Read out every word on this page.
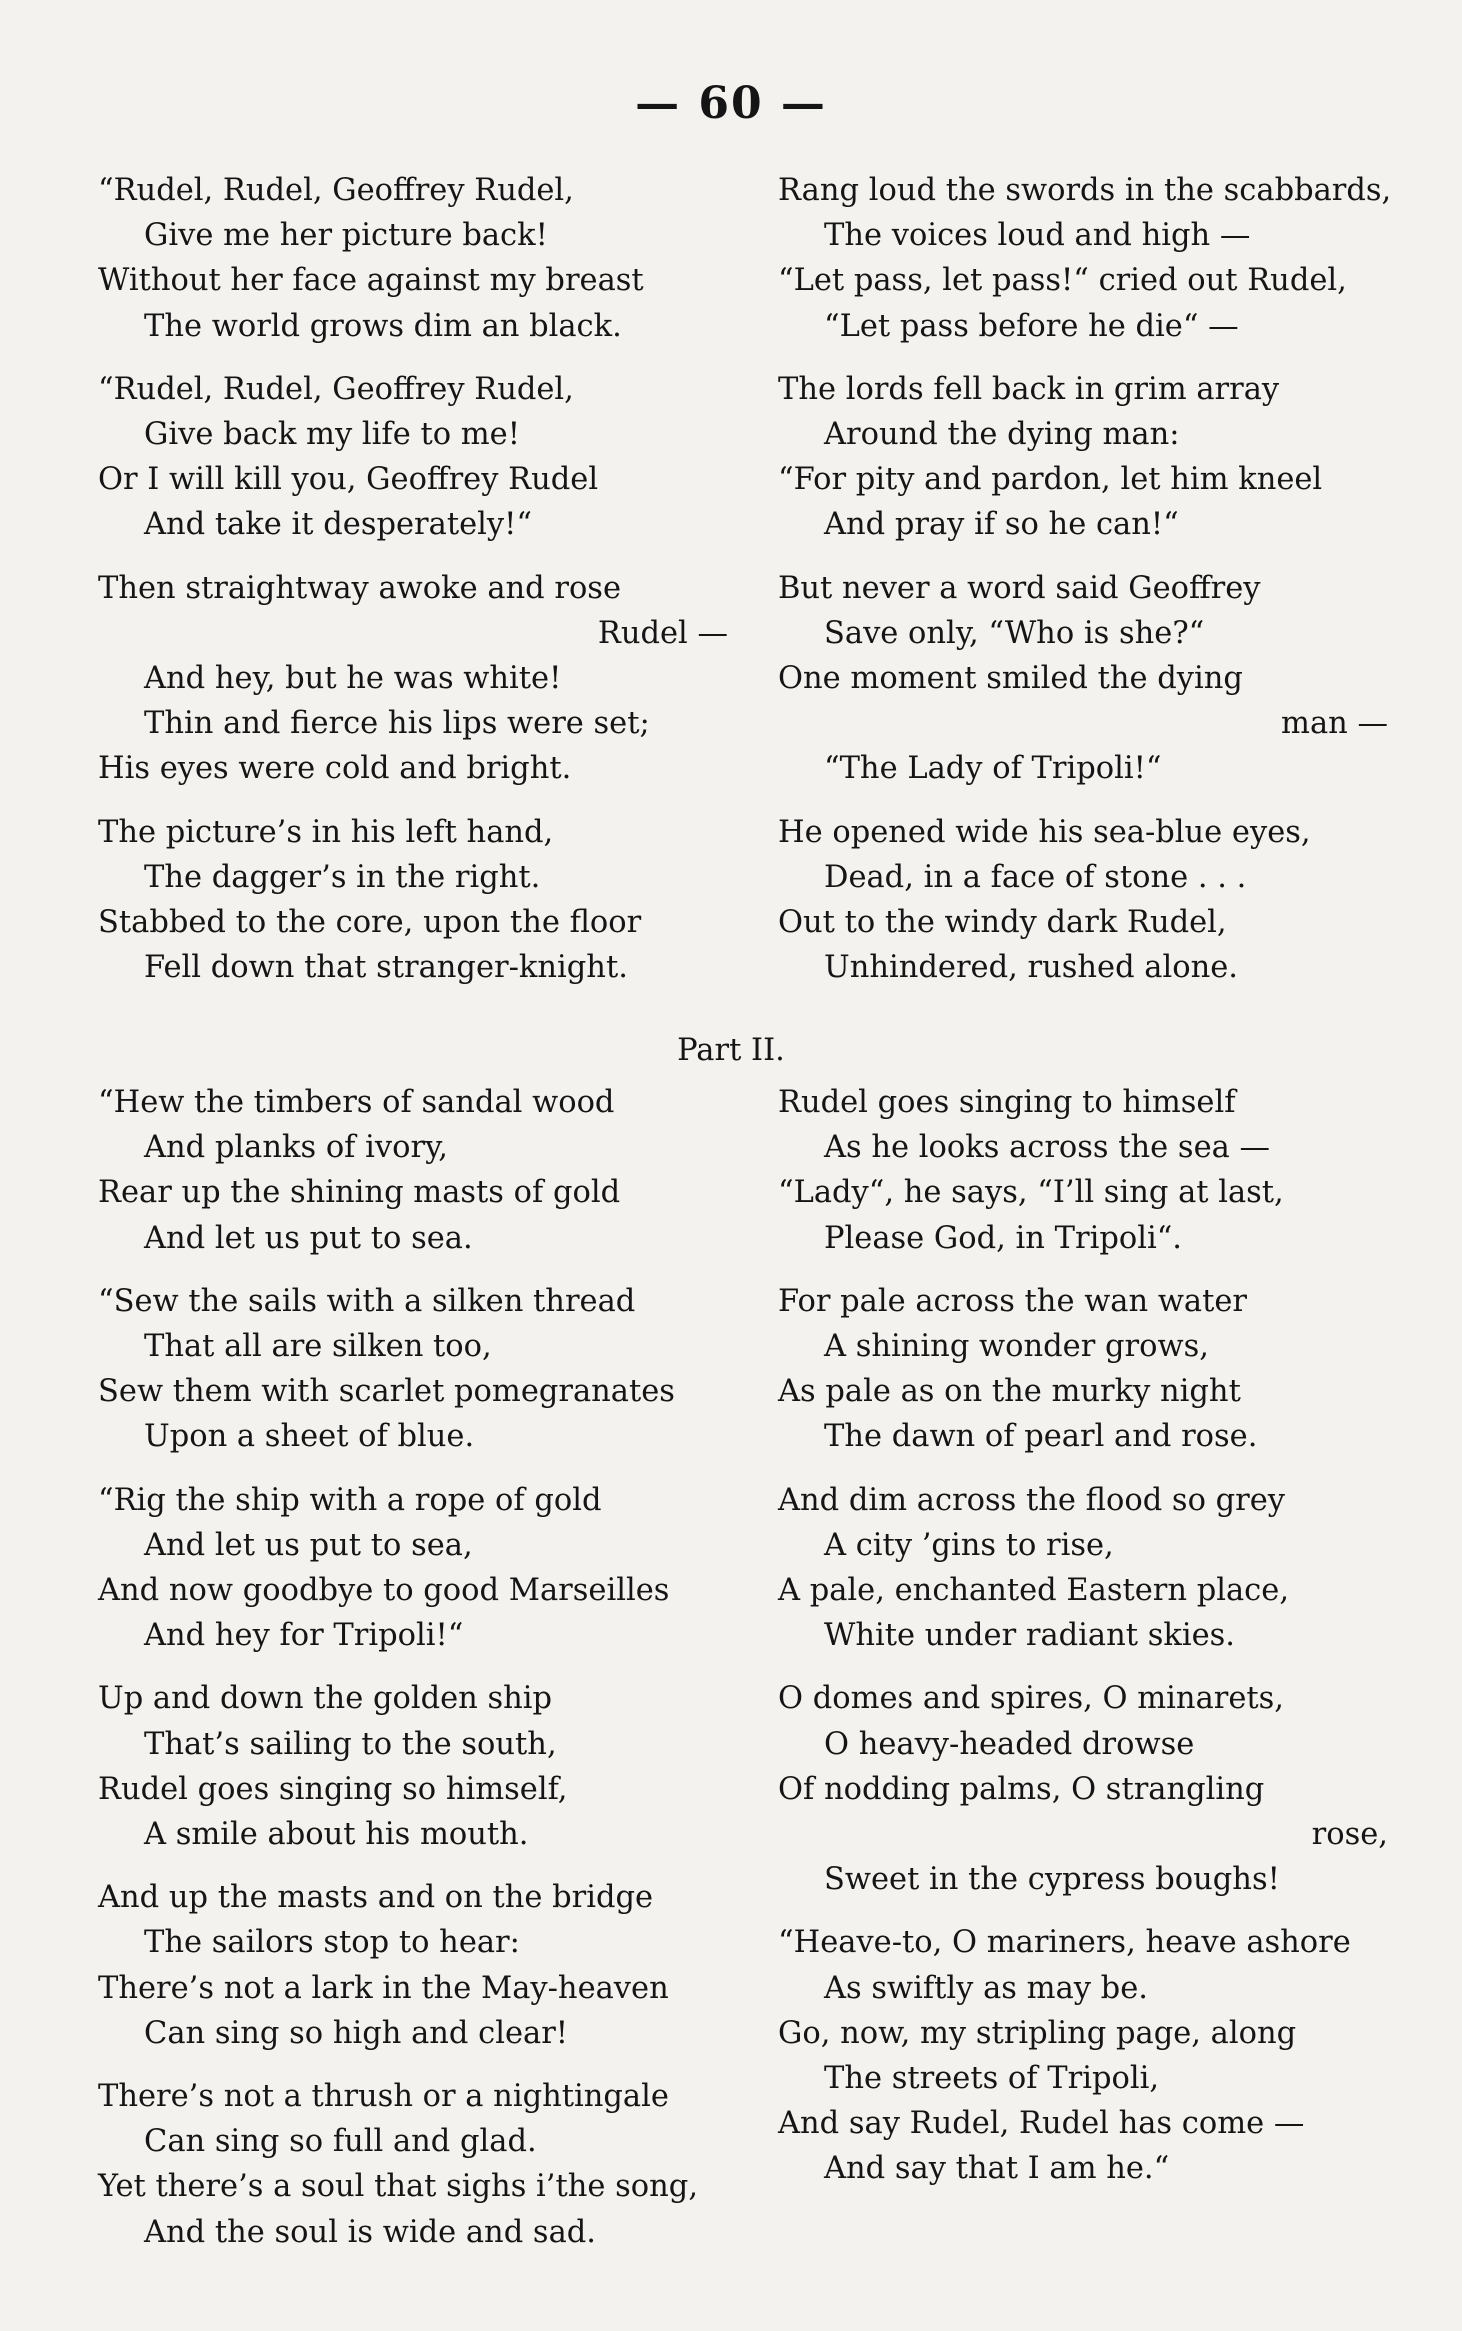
— 60 —
“Rudel, Rudel, Geoffrey Rudel,
Give me her picture back!
Without her face against my breast
The world grows dim an black.
“Rudel, Rudel, Geoffrey Rudel,
Give back my life to me!
Or I will kill you, Geoffrey Rudel
And take it desperately!“
Then straightway awoke and rose
Rudel —
And hey, but he was white!
Thin and fierce his lips were set;
His eyes were cold and bright.
The picture’s in his left hand,
The dagger’s in the right.
Stabbed to the core, upon the floor
Fell down that stranger-knight.
Rang loud the swords in the scabbards,
The voices loud and high —
“Let pass, let pass!“ cried out Rudel,
“Let pass before he die“ —
The lords fell back in grim array
Around the dying man:
“For pity and pardon, let him kneel
And pray if so he can!“
But never a word said Geoffrey
Save only, “Who is she?“
One moment smiled the dying
man —
“The Lady of Tripoli!“
He opened wide his sea-blue eyes,
Dead, in a face of stone . . .
Out to the windy dark Rudel,
Unhindered, rushed alone.
Part II.
“Hew the timbers of sandal wood
And planks of ivory,
Rear up the shining masts of gold
And let us put to sea.
“Sew the sails with a silken thread
That all are silken too,
Sew them with scarlet pomegranates
Upon a sheet of blue.
“Rig the ship with a rope of gold
And let us put to sea,
And now goodbye to good Marseilles
And hey for Tripoli!“
Up and down the golden ship
That’s sailing to the south,
Rudel goes singing so himself,
A smile about his mouth.
And up the masts and on the bridge
The sailors stop to hear:
There’s not a lark in the May-heaven
Can sing so high and clear!
There’s not a thrush or a nightingale
Can sing so full and glad.
Yet there’s a soul that sighs i’the song,
And the soul is wide and sad.
Rudel goes singing to himself
As he looks across the sea —
“Lady“, he says, “I’ll sing at last,
Please God, in Tripoli“.
For pale across the wan water
A shining wonder grows,
As pale as on the murky night
The dawn of pearl and rose.
And dim across the flood so grey
A city ’gins to rise,
A pale, enchanted Eastern place,
White under radiant skies.
O domes and spires, O minarets,
O heavy-headed drowse
Of nodding palms, O strangling
rose,
Sweet in the cypress boughs!
“Heave-to, O mariners, heave ashore
As swiftly as may be.
Go, now, my stripling page, along
The streets of Tripoli,
And say Rudel, Rudel has come —
And say that I am he.“
